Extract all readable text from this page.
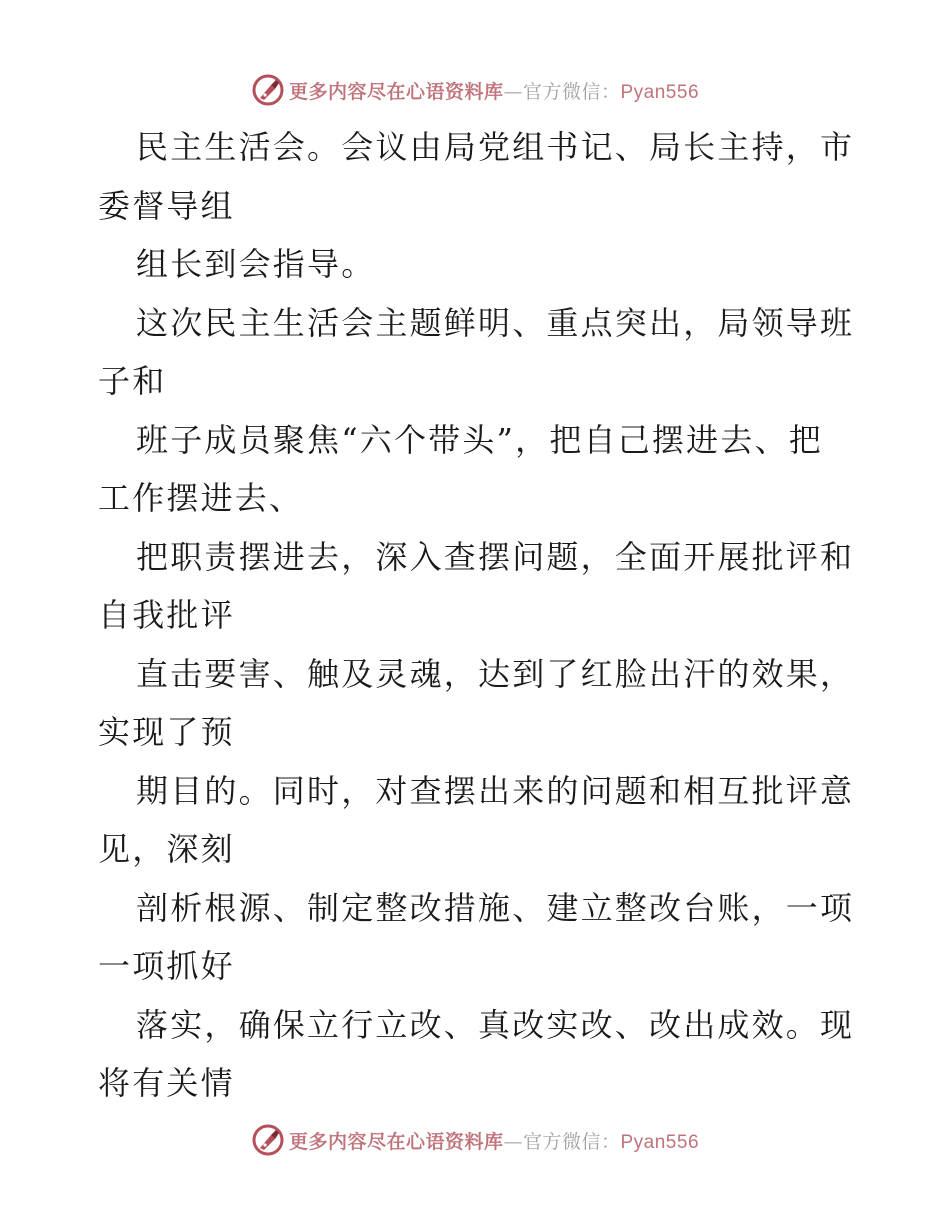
更多内容尽在心语资料库—官方微信：Pyan556
民主生活会。会议由局党组书记、局长主持，市
委督导组
组长到会指导。
这次民主生活会主题鲜明、重点突出，局领导班
子和
班子成员聚焦“六个带头”，把自己摆进去、把
工作摆进去、
把职责摆进去，深入查摆问题，全面开展批评和
自我批评
直击要害、触及灵魂，达到了红脸出汗的效果，
实现了预
期目的。同时，对查摆出来的问题和相互批评意
见，深刻
剖析根源、制定整改措施、建立整改台账，一项
一项抓好
落实，确保立行立改、真改实改、改出成效。现
将有关情
更多内容尽在心语资料库—官方微信：Pyan556
